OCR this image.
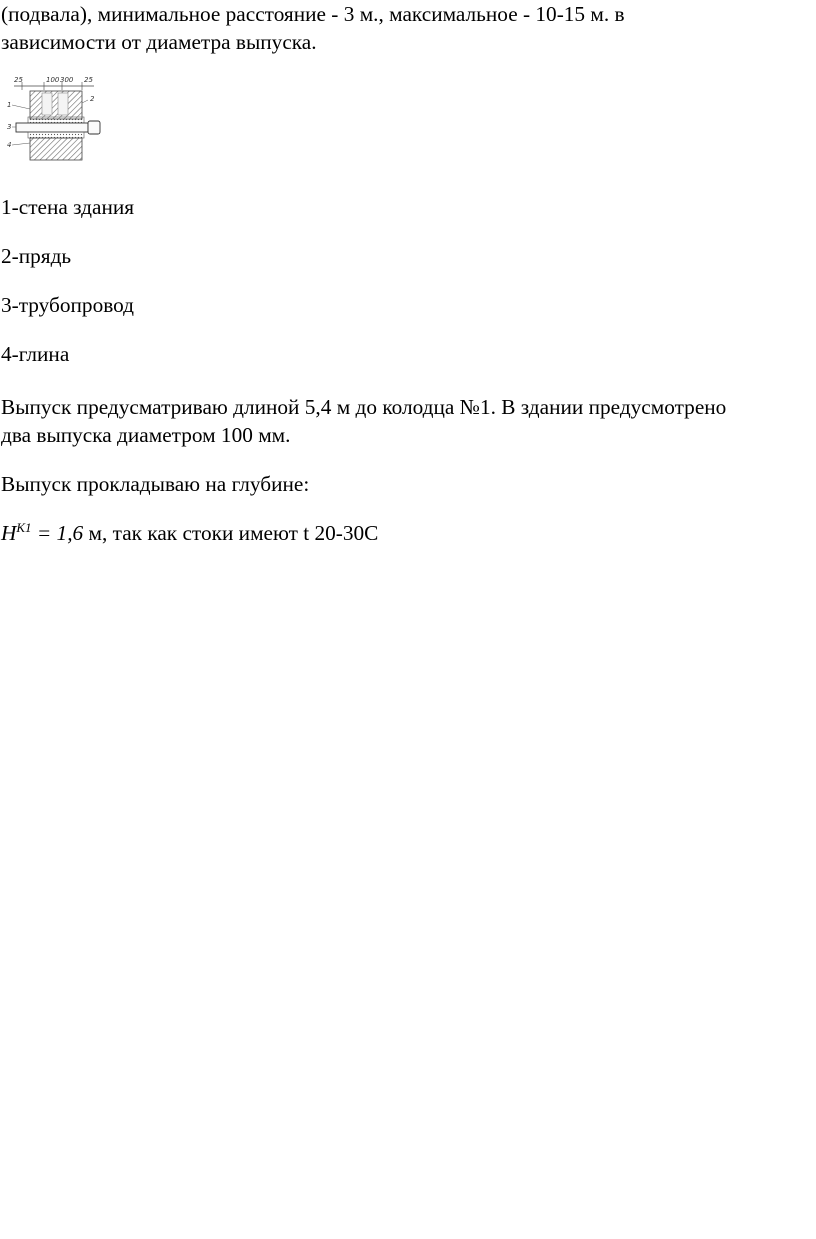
(подвала), минимальное расстояние - 3 м., максимальное - 10-15 м. в

зависимости от диаметра выпуска.

25	100 300 25
1
2
3
4

1-стена здания

2-прядь

3-трубопровод

4-глина

Выпуск предусматриваю длиной 5,4 м до колодца №1. В здании предусмотрено

два выпуска диаметром 100 мм.

Выпуск прокладываю на глубине:

$H^{К1} = 1,6$ м, так как стоки имеют t 20-30С
